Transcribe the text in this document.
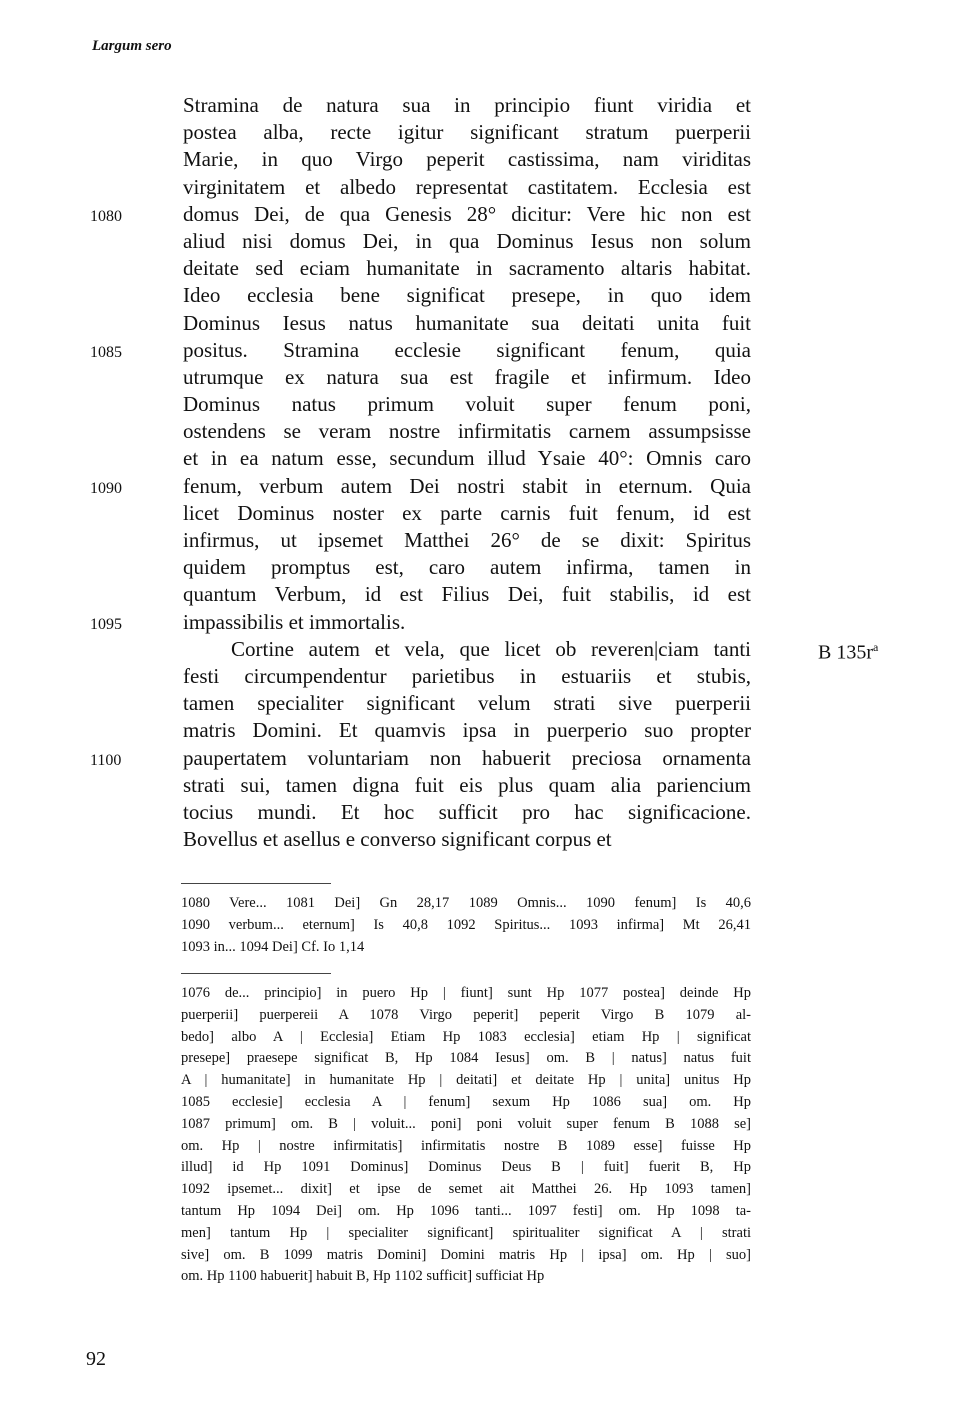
Largum sero
1080
1085
1090
1095
1100
Stramina de natura sua in principio fiunt viridia et
postea alba, recte igitur significant stratum puerperii
Marie, in quo Virgo peperit castissima, nam viriditas
virginitatem et albedo representat castitatem. Ecclesia est
domus Dei, de qua Genesis 28° dicitur: Vere hic non est
aliud nisi domus Dei, in qua Dominus Iesus non solum
deitate sed eciam humanitate in sacramento altaris habitat.
Ideo ecclesia bene significat presepe, in quo idem
Dominus Iesus natus humanitate sua deitati unita fuit
positus. Stramina ecclesie significant fenum, quia
utrumque ex natura sua est fragile et infirmum. Ideo
Dominus natus primum voluit super fenum poni,
ostendens se veram nostre infirmitatis carnem assumpsisse
et in ea natum esse, secundum illud Ysaie 40°: Omnis caro
fenum, verbum autem Dei nostri stabit in eternum. Quia
licet Dominus noster ex parte carnis fuit fenum, id est
infirmus, ut ipsemet Matthei 26° de se dixit: Spiritus
quidem promptus est, caro autem infirma, tamen in
quantum Verbum, id est Filius Dei, fuit stabilis, id est
impassibilis et immortalis.
Cortine autem et vela, que licet ob reveren|ciam tanti
festi circumpendentur parietibus in estuariis et stubis,
tamen specialiter significant velum strati sive puerperii
matris Domini. Et quamvis ipsa in puerperio suo propter
paupertatem voluntariam non habuerit preciosa ornamenta
strati sui, tamen digna fuit eis plus quam alia pariencium
tocius mundi. Et hoc sufficit pro hac significacione.
Bovellus et asellus e converso significant corpus et
B $135r^a$
1080 Vere... 1081 Dei] Gn 28,17 1089 Omnis... 1090 fenum] Is 40,6
1090 verbum... eternum] Is 40,8 1092 Spiritus... 1093 infirma] Mt 26,41
1093 in... 1094 Dei] Cf. Io 1,14
1076 de... principio] in puero Hp | fiunt] sunt Hp 1077 postea] deinde Hp
puerperii] puerpereii A 1078 Virgo peperit] peperit Virgo B 1079 al-
bedo] albo A | Ecclesia] Etiam Hp 1083 ecclesia] etiam Hp | significat
presepe] praesepe significat B, Hp 1084 Iesus] om. B | natus] natus fuit
A | humanitate] in humanitate Hp | deitati] et deitate Hp | unita] unitus Hp
1085 ecclesie] ecclesia A | fenum] sexum Hp 1086 sua] om. Hp
1087 primum] om. B | voluit... poni] poni voluit super fenum B 1088 se]
om. Hp | nostre infirmitatis] infirmitatis nostre B 1089 esse] fuisse Hp
illud] id Hp 1091 Dominus] Dominus Deus B | fuit] fuerit B, Hp
1092 ipsemet... dixit] et ipse de semet ait Matthei 26. Hp 1093 tamen]
tantum Hp 1094 Dei] om. Hp 1096 tanti... 1097 festi] om. Hp 1098 ta-
men] tantum Hp | specialiter significant] spiritualiter significat A | strati
sive] om. B 1099 matris Domini] Domini matris Hp | ipsa] om. Hp | suo]
om. Hp 1100 habuerit] habuit B, Hp 1102 sufficit] sufficiat Hp
92
